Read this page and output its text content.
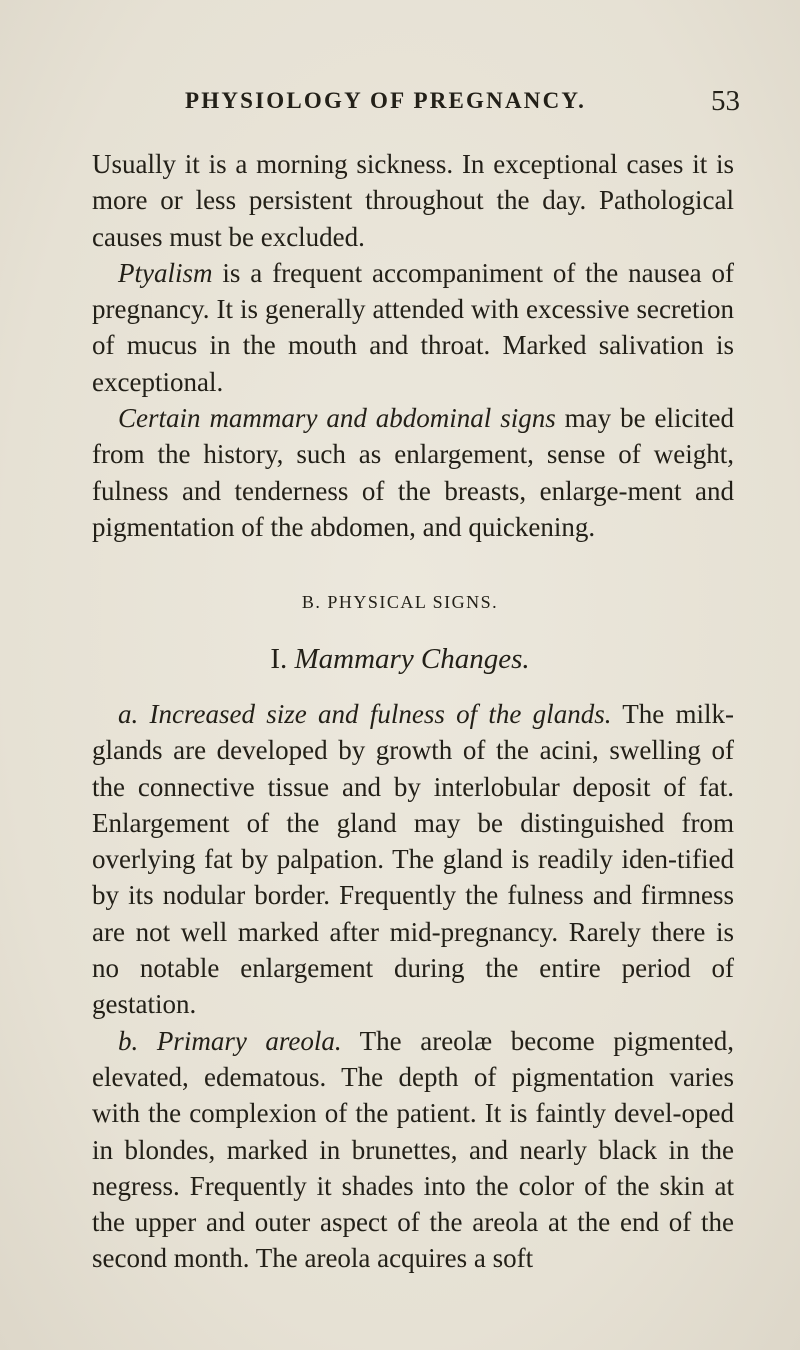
PHYSIOLOGY OF PREGNANCY.	53

Usually it is a morning sickness. In exceptional cases it is more or less persistent throughout the day. Pathological causes must be excluded.

Ptyalism is a frequent accompaniment of the nausea of pregnancy. It is generally attended with excessive secretion of mucus in the mouth and throat. Marked salivation is exceptional.

Certain mammary and abdominal signs may be elicited from the history, such as enlargement, sense of weight, fulness and tenderness of the breasts, enlarge-ment and pigmentation of the abdomen, and quickening.

B. PHYSICAL SIGNS.
I. Mammary Changes.

a. Increased size and fulness of the glands. The milk-glands are developed by growth of the acini, swelling of the connective tissue and by interlobular deposit of fat. Enlargement of the gland may be distinguished from overlying fat by palpation. The gland is readily iden-tified by its nodular border. Frequently the fulness and firmness are not well marked after mid-pregnancy. Rarely there is no notable enlargement during the entire period of gestation.

b. Primary areola. The areolæ become pigmented, elevated, edematous. The depth of pigmentation varies with the complexion of the patient. It is faintly devel-oped in blondes, marked in brunettes, and nearly black in the negress. Frequently it shades into the color of the skin at the upper and outer aspect of the areola at the end of the second month. The areola acquires a soft
